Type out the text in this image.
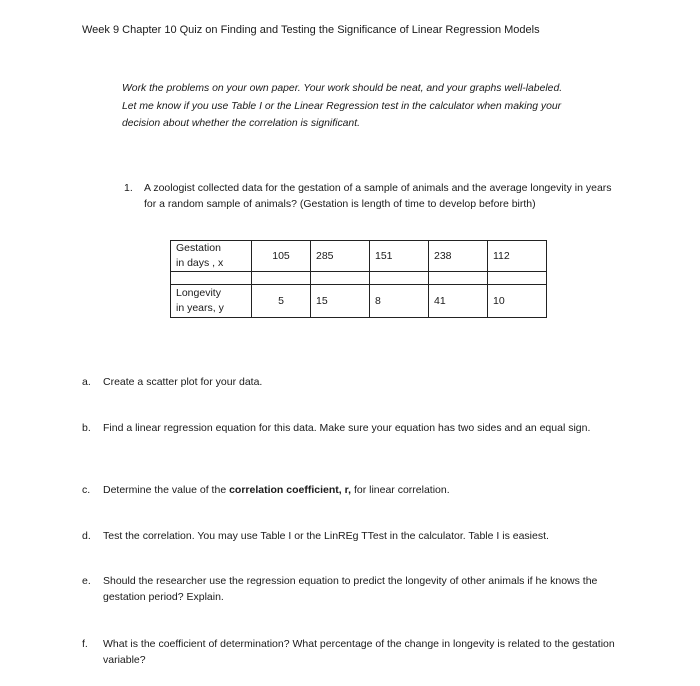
Week 9 Chapter 10 Quiz on Finding and Testing the Significance of Linear Regression Models
Work the problems on your own paper. Your work should be neat, and your graphs well-labeled.
Let me know if you use Table I or the Linear Regression test in the calculator when making your
decision about whether the correlation is significant.
1. A zoologist collected data for the gestation of a sample of animals and the average longevity in years for a random sample of animals? (Gestation is length of time to develop before birth)
Gestation
in days , x	105	285	151	238	112

Longevity
in years, y	5	15	8	41	10
a. Create a scatter plot for your data.
b. Find a linear regression equation for this data. Make sure your equation has two sides and an equal sign.
c. Determine the value of the correlation coefficient, r, for linear correlation.
d. Test the correlation. You may use Table I or the LinREg TTest in the calculator. Table I is easiest.
e. Should the researcher use the regression equation to predict the longevity of other animals if he knows the gestation period? Explain.
f. What is the coefficient of determination? What percentage of the change in longevity is related to the gestation variable?
